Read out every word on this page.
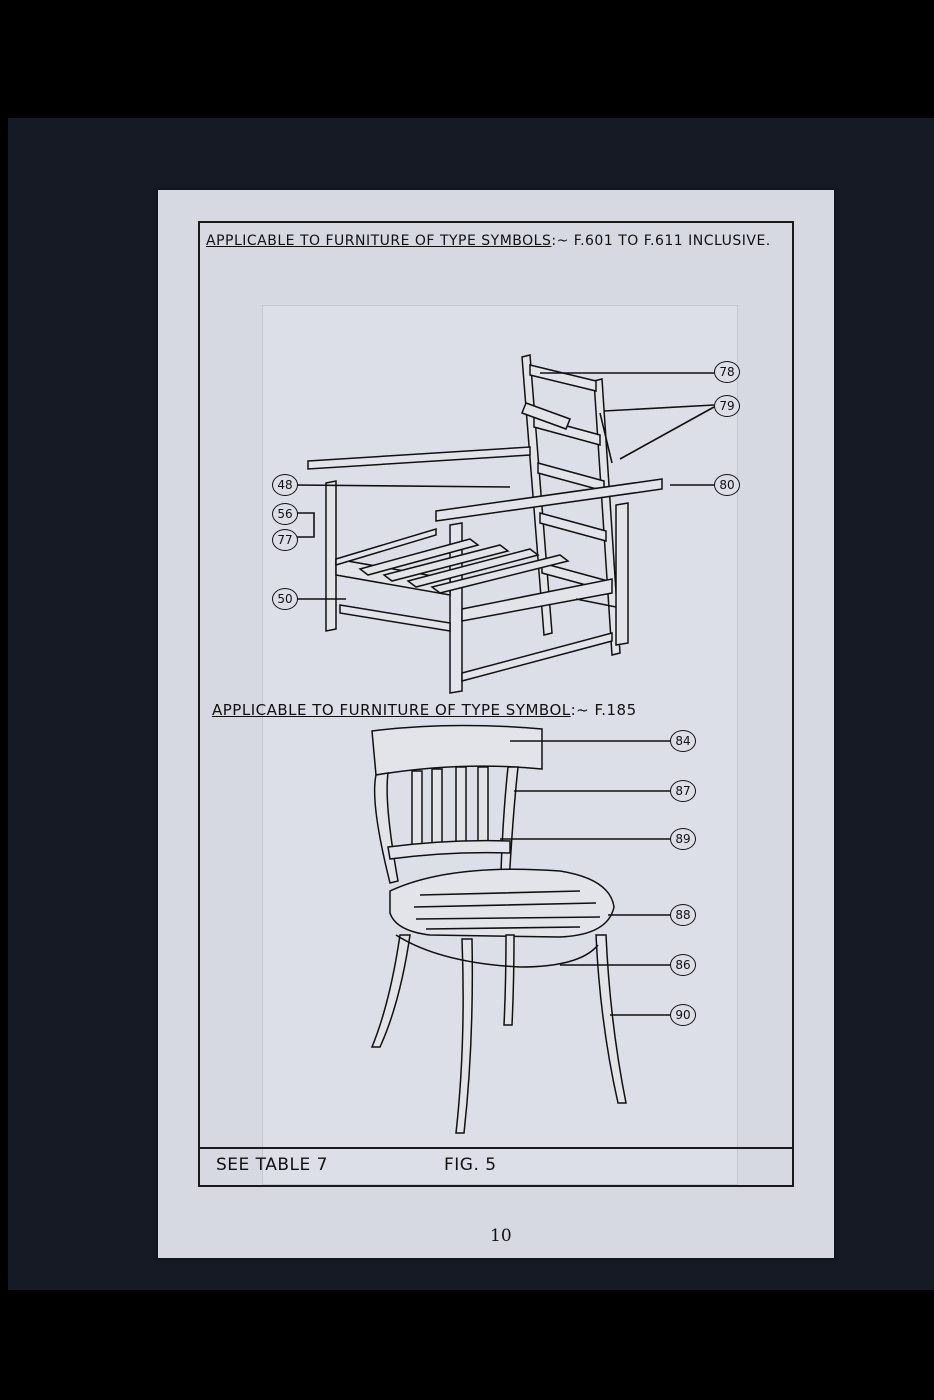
APPLICABLE TO FURNITURE OF TYPE SYMBOLS:~ F.601 TO F.611 INCLUSIVE.
78
79
48	80
56
77
50
APPLICABLE TO FURNITURE OF TYPE SYMBOL:~ F.185
84
87
89
88
86
90
SEE TABLE 7	FIG. 5
10
